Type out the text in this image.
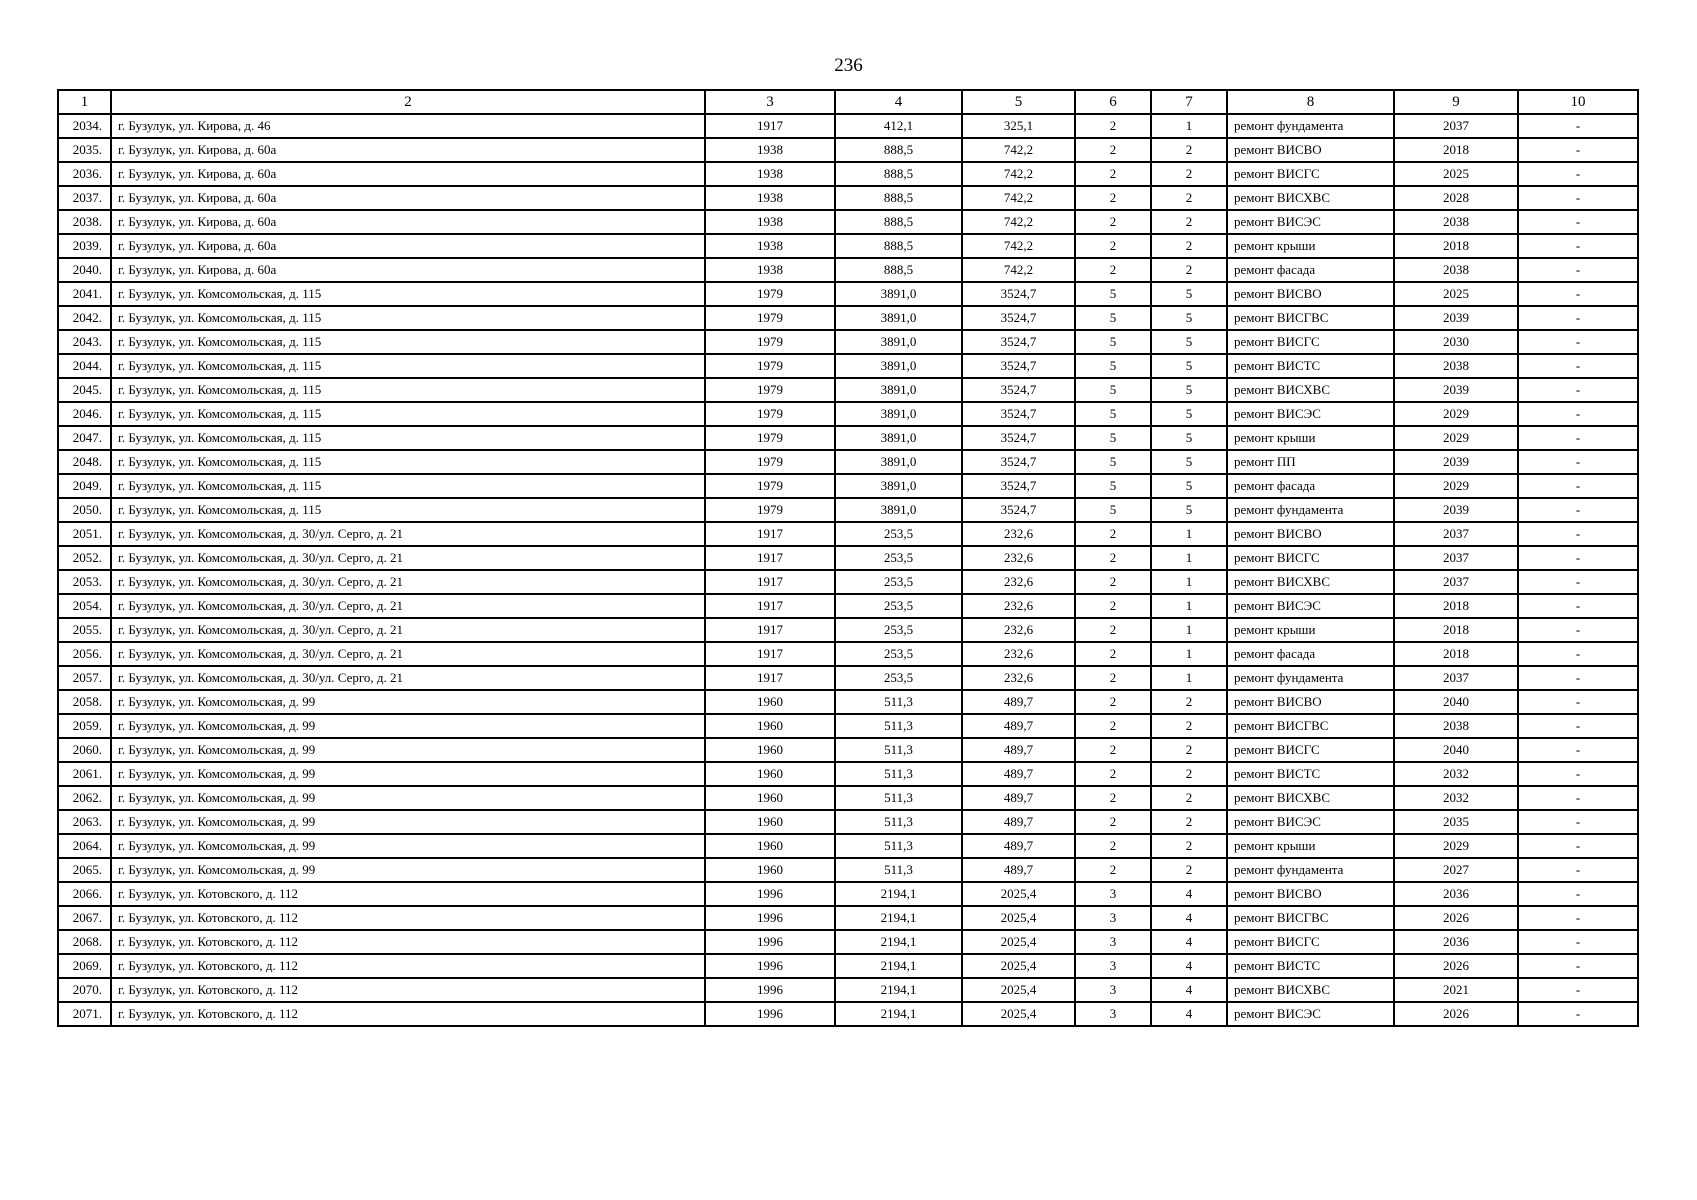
236
1	2	3	4	5	6	7	8	9	10
2034.	г. Бузулук, ул. Кирова, д. 46	1917	412,1	325,1	2	1	ремонт фундамента	2037	-
2035.	г. Бузулук, ул. Кирова, д. 60а	1938	888,5	742,2	2	2	ремонт ВИСВО	2018	-
2036.	г. Бузулук, ул. Кирова, д. 60а	1938	888,5	742,2	2	2	ремонт ВИСГС	2025	-
2037.	г. Бузулук, ул. Кирова, д. 60а	1938	888,5	742,2	2	2	ремонт ВИСХВС	2028	-
2038.	г. Бузулук, ул. Кирова, д. 60а	1938	888,5	742,2	2	2	ремонт ВИСЭС	2038	-
2039.	г. Бузулук, ул. Кирова, д. 60а	1938	888,5	742,2	2	2	ремонт крыши	2018	-
2040.	г. Бузулук, ул. Кирова, д. 60а	1938	888,5	742,2	2	2	ремонт фасада	2038	-
2041.	г. Бузулук, ул. Комсомольская, д. 115	1979	3891,0	3524,7	5	5	ремонт ВИСВО	2025	-
2042.	г. Бузулук, ул. Комсомольская, д. 115	1979	3891,0	3524,7	5	5	ремонт ВИСГВС	2039	-
2043.	г. Бузулук, ул. Комсомольская, д. 115	1979	3891,0	3524,7	5	5	ремонт ВИСГС	2030	-
2044.	г. Бузулук, ул. Комсомольская, д. 115	1979	3891,0	3524,7	5	5	ремонт ВИСТС	2038	-
2045.	г. Бузулук, ул. Комсомольская, д. 115	1979	3891,0	3524,7	5	5	ремонт ВИСХВС	2039	-
2046.	г. Бузулук, ул. Комсомольская, д. 115	1979	3891,0	3524,7	5	5	ремонт ВИСЭС	2029	-
2047.	г. Бузулук, ул. Комсомольская, д. 115	1979	3891,0	3524,7	5	5	ремонт крыши	2029	-
2048.	г. Бузулук, ул. Комсомольская, д. 115	1979	3891,0	3524,7	5	5	ремонт ПП	2039	-
2049.	г. Бузулук, ул. Комсомольская, д. 115	1979	3891,0	3524,7	5	5	ремонт фасада	2029	-
2050.	г. Бузулук, ул. Комсомольская, д. 115	1979	3891,0	3524,7	5	5	ремонт фундамента	2039	-
2051.	г. Бузулук, ул. Комсомольская, д. 30/ул. Серго, д. 21	1917	253,5	232,6	2	1	ремонт ВИСВО	2037	-
2052.	г. Бузулук, ул. Комсомольская, д. 30/ул. Серго, д. 21	1917	253,5	232,6	2	1	ремонт ВИСГС	2037	-
2053.	г. Бузулук, ул. Комсомольская, д. 30/ул. Серго, д. 21	1917	253,5	232,6	2	1	ремонт ВИСХВС	2037	-
2054.	г. Бузулук, ул. Комсомольская, д. 30/ул. Серго, д. 21	1917	253,5	232,6	2	1	ремонт ВИСЭС	2018	-
2055.	г. Бузулук, ул. Комсомольская, д. 30/ул. Серго, д. 21	1917	253,5	232,6	2	1	ремонт крыши	2018	-
2056.	г. Бузулук, ул. Комсомольская, д. 30/ул. Серго, д. 21	1917	253,5	232,6	2	1	ремонт фасада	2018	-
2057.	г. Бузулук, ул. Комсомольская, д. 30/ул. Серго, д. 21	1917	253,5	232,6	2	1	ремонт фундамента	2037	-
2058.	г. Бузулук, ул. Комсомольская, д. 99	1960	511,3	489,7	2	2	ремонт ВИСВО	2040	-
2059.	г. Бузулук, ул. Комсомольская, д. 99	1960	511,3	489,7	2	2	ремонт ВИСГВС	2038	-
2060.	г. Бузулук, ул. Комсомольская, д. 99	1960	511,3	489,7	2	2	ремонт ВИСГС	2040	-
2061.	г. Бузулук, ул. Комсомольская, д. 99	1960	511,3	489,7	2	2	ремонт ВИСТС	2032	-
2062.	г. Бузулук, ул. Комсомольская, д. 99	1960	511,3	489,7	2	2	ремонт ВИСХВС	2032	-
2063.	г. Бузулук, ул. Комсомольская, д. 99	1960	511,3	489,7	2	2	ремонт ВИСЭС	2035	-
2064.	г. Бузулук, ул. Комсомольская, д. 99	1960	511,3	489,7	2	2	ремонт крыши	2029	-
2065.	г. Бузулук, ул. Комсомольская, д. 99	1960	511,3	489,7	2	2	ремонт фундамента	2027	-
2066.	г. Бузулук, ул. Котовского, д. 112	1996	2194,1	2025,4	3	4	ремонт ВИСВО	2036	-
2067.	г. Бузулук, ул. Котовского, д. 112	1996	2194,1	2025,4	3	4	ремонт ВИСГВС	2026	-
2068.	г. Бузулук, ул. Котовского, д. 112	1996	2194,1	2025,4	3	4	ремонт ВИСГС	2036	-
2069.	г. Бузулук, ул. Котовского, д. 112	1996	2194,1	2025,4	3	4	ремонт ВИСТС	2026	-
2070.	г. Бузулук, ул. Котовского, д. 112	1996	2194,1	2025,4	3	4	ремонт ВИСХВС	2021	-
2071.	г. Бузулук, ул. Котовского, д. 112	1996	2194,1	2025,4	3	4	ремонт ВИСЭС	2026	-
